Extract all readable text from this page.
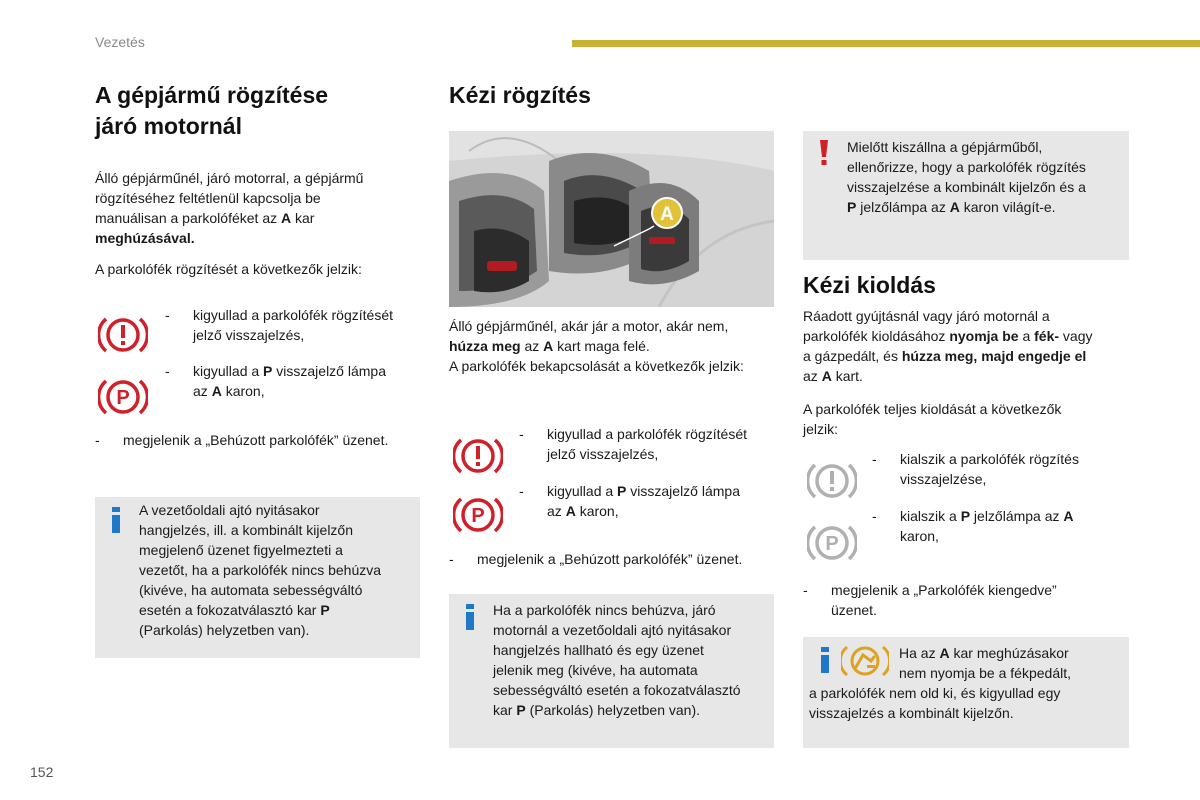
Vezetés
A gépjármű rögzítése
járó motornál
Álló gépjárműnél, járó motorral, a gépjármű
rögzítéséhez feltétlenül kapcsolja be
manuálisan a parkolóféket az A kar
meghúzásával.
A parkolófék rögzítését a következők jelzik:
- kigyullad a parkolófék rögzítését
jelző visszajelzés,
P
- kigyullad a P visszajelző lámpa
az A karon,
- megjelenik a „Behúzott parkolófék” üzenet.
A vezetőoldali ajtó nyitásakor
hangjelzés, ill. a kombinált kijelzőn
megjelenő üzenet figyelmezteti a
vezetőt, ha a parkolófék nincs behúzva
(kivéve, ha automata sebességváltó
esetén a fokozatválasztó kar P
(Parkolás) helyzetben van).
Kézi rögzítés
A
Álló gépjárműnél, akár jár a motor, akár nem,
húzza meg az A kart maga felé.
A parkolófék bekapcsolását a következők jelzik:
- kigyullad a parkolófék rögzítését
jelző visszajelzés,
P
- kigyullad a P visszajelző lámpa
az A karon,
- megjelenik a „Behúzott parkolófék” üzenet.
Ha a parkolófék nincs behúzva, járó
motornál a vezetőoldali ajtó nyitásakor
hangjelzés hallható és egy üzenet
jelenik meg (kivéve, ha automata
sebességváltó esetén a fokozatválasztó
kar P (Parkolás) helyzetben van).
Mielőtt kiszállna a gépjárműből,
ellenőrizze, hogy a parkolófék rögzítés
visszajelzése a kombinált kijelzőn és a
P jelzőlámpa az A karon világít-e.
Kézi kioldás
Ráadott gyújtásnál vagy járó motornál a
parkolófék kioldásához nyomja be a fék- vagy
a gázpedált, és húzza meg, majd engedje el
az A kart.
A parkolófék teljes kioldását a következők
jelzik:
- kialszik a parkolófék rögzítés
visszajelzése,
P
- kialszik a P jelzőlámpa az A
karon,
- megjelenik a „Parkolófék kiengedve”
üzenet.
Ha az A kar meghúzásakor
nem nyomja be a fékpedált,
a parkolófék nem old ki, és kigyullad egy
visszajelzés a kombinált kijelzőn.
152
